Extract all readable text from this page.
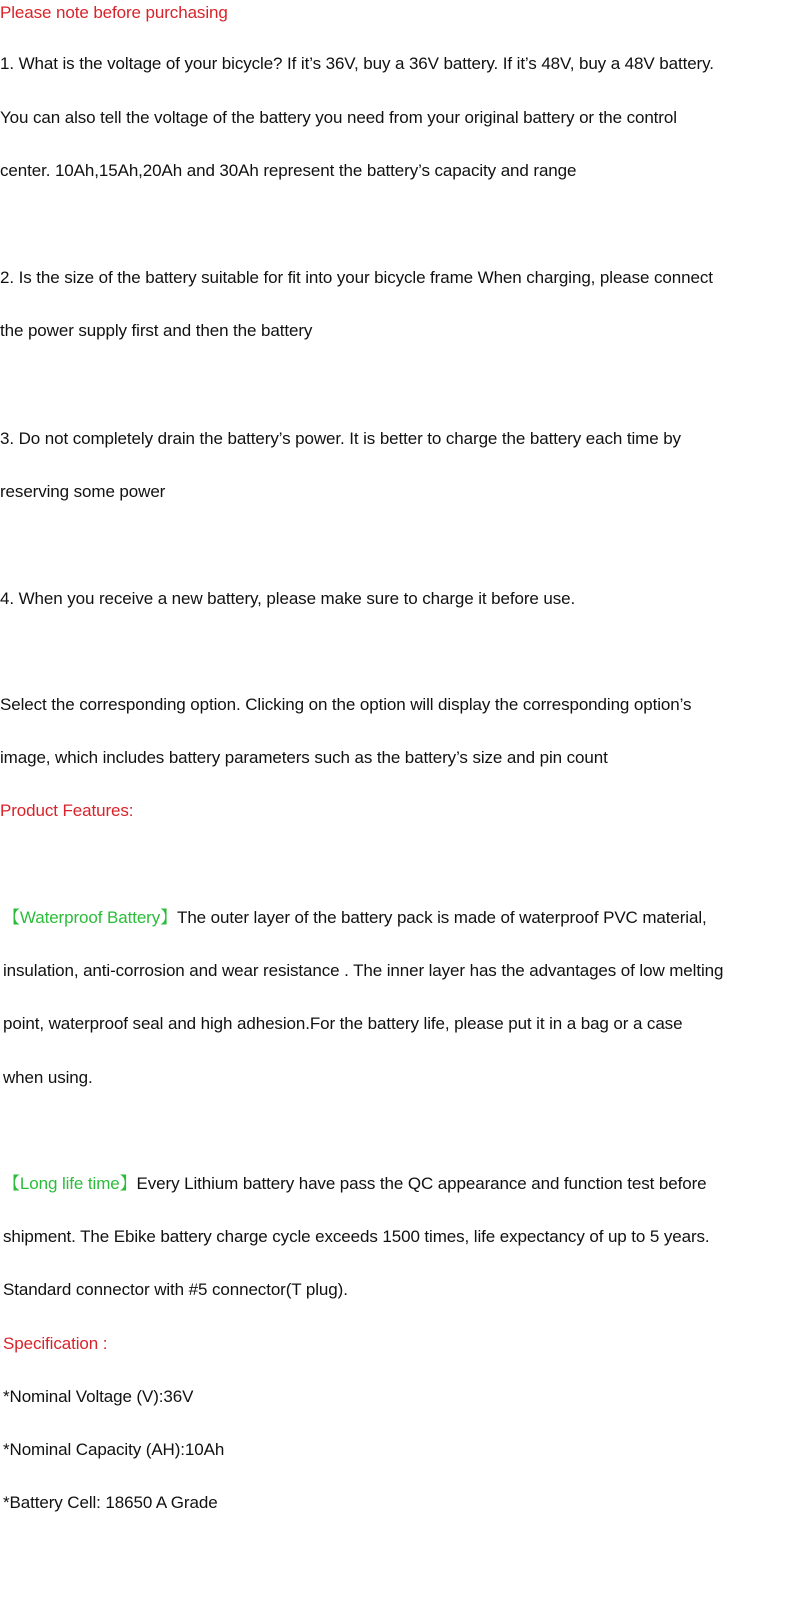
Please note before purchasing
1. What is the voltage of your bicycle? If it’s 36V, buy a 36V battery. If it’s 48V, buy a 48V battery.
You can also tell the voltage of the battery you need from your original battery or the control
center. 10Ah,15Ah,20Ah and 30Ah represent the battery’s capacity and range
2. Is the size of the battery suitable for fit into your bicycle frame When charging, please connect
the power supply first and then the battery
3. Do not completely drain the battery’s power. It is better to charge the battery each time by
reserving some power
4. When you receive a new battery, please make sure to charge it before use.
Select the corresponding option. Clicking on the option will display the corresponding option’s
image, which includes battery parameters such as the battery’s size and pin count
Product Features:
【Waterproof Battery】The outer layer of the battery pack is made of waterproof PVC material,
insulation, anti-corrosion and wear resistance . The inner layer has the advantages of low melting
point, waterproof seal and high adhesion.For the battery life, please put it in a bag or a case
when using.
【Long life time】Every Lithium battery have pass the QC appearance and function test before
shipment. The Ebike battery charge cycle exceeds 1500 times, life expectancy of up to 5 years.
Standard connector with #5 connector(T plug).
Specification :
*Nominal Voltage (V):36V
*Nominal Capacity (AH):10Ah
*Battery Cell: 18650 A Grade
